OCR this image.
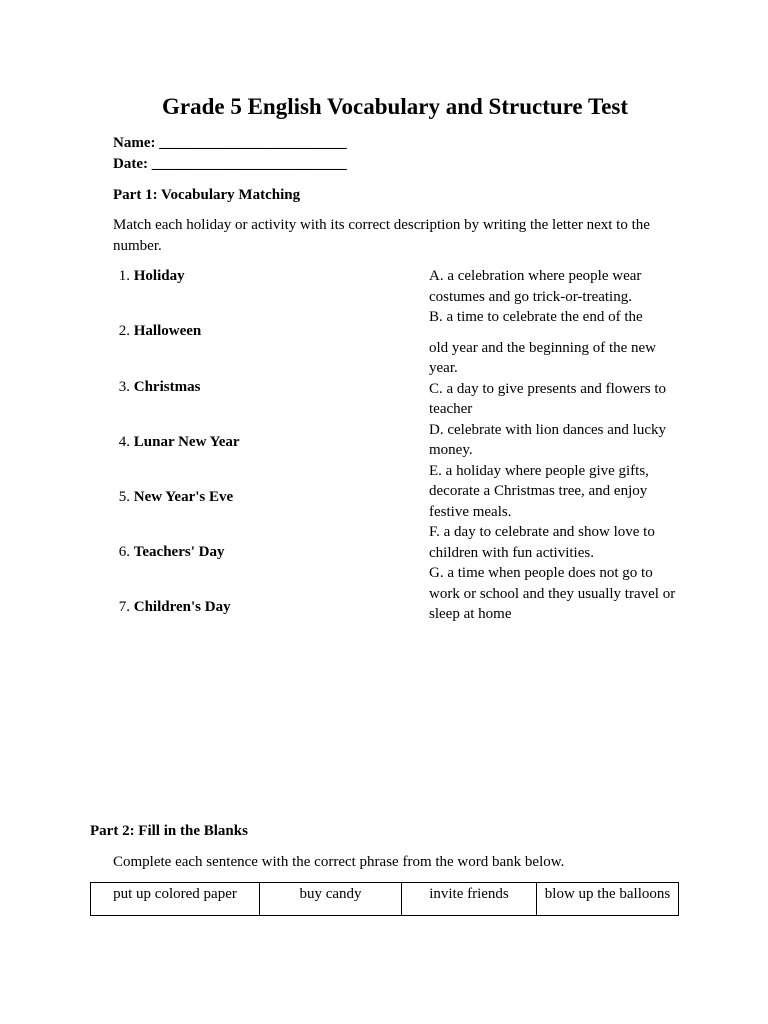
Grade 5 English Vocabulary and Structure Test
Name: _________________________
Date: __________________________
Part 1: Vocabulary Matching
Match each holiday or activity with its correct description by writing the letter next to the number.
1. Holiday
2. Halloween
3. Christmas
4. Lunar New Year
5. New Year's Eve
6. Teachers' Day
7. Children's Day

A. a celebration where people wear costumes and go trick-or-treating.

B. a time to celebrate the end of the

old year and the beginning of the new year.

C. a day to give presents and flowers to teacher

D. celebrate with lion dances and lucky money.

E. a holiday where people give gifts, decorate a Christmas tree, and enjoy festive meals.

F. a day to celebrate and show love to children with fun activities.

G. a time when people does not go to work or school and they usually travel or sleep at home

Part 2: Fill in the Blanks
Complete each sentence with the correct phrase from the word bank below.
put up colored paper	buy candy	invite friends	blow up the balloons
